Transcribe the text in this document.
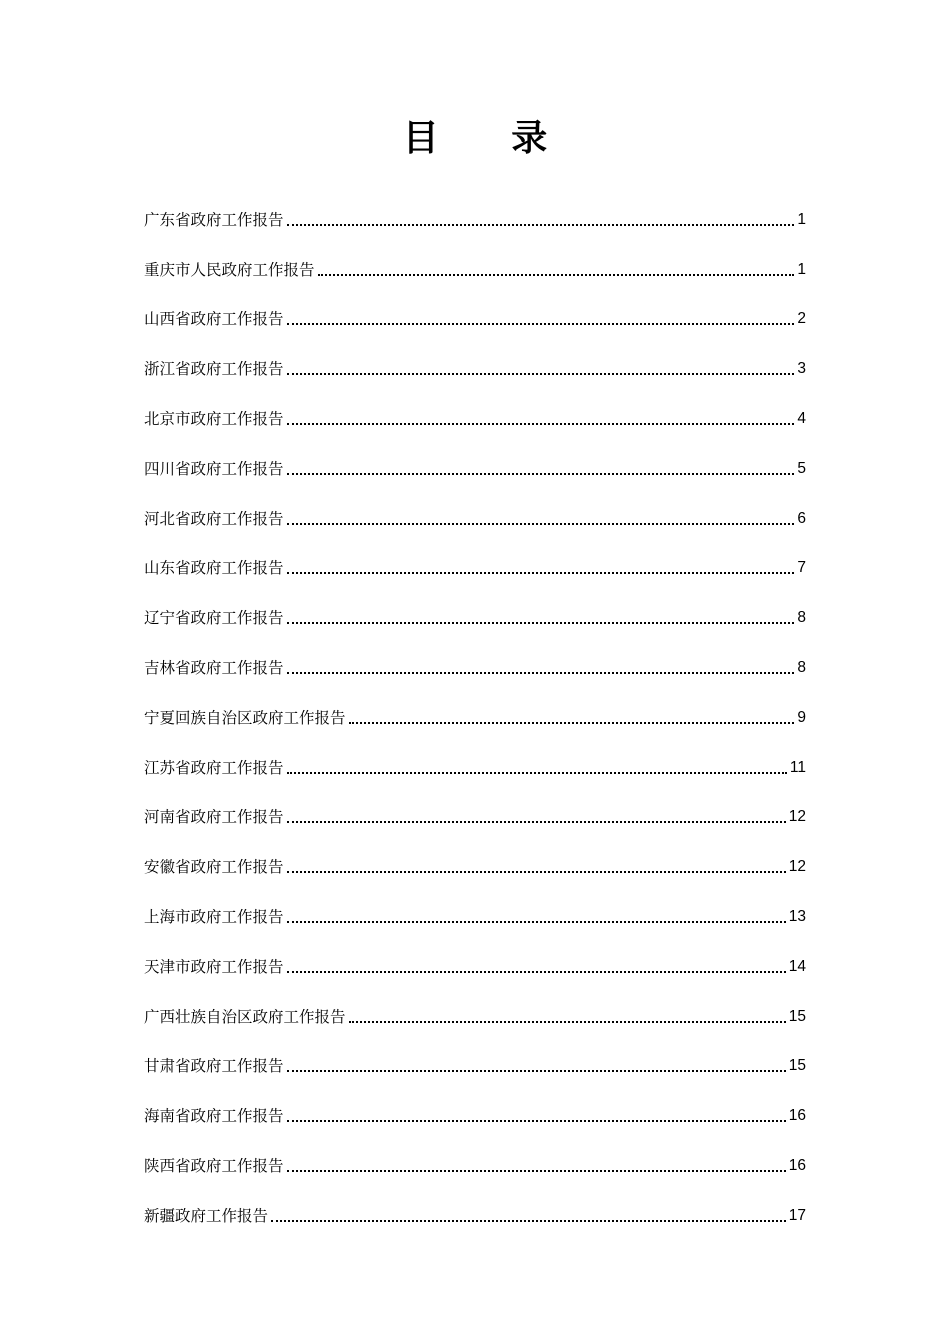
目 录
广东省政府工作报告	1
重庆市人民政府工作报告	1
山西省政府工作报告	2
浙江省政府工作报告	3
北京市政府工作报告	4
四川省政府工作报告	5
河北省政府工作报告	6
山东省政府工作报告	7
辽宁省政府工作报告	8
吉林省政府工作报告	8
宁夏回族自治区政府工作报告	9
江苏省政府工作报告	11
河南省政府工作报告	12
安徽省政府工作报告	12
上海市政府工作报告	13
天津市政府工作报告	14
广西壮族自治区政府工作报告	15
甘肃省政府工作报告	15
海南省政府工作报告	16
陕西省政府工作报告	16
新疆政府工作报告	17
